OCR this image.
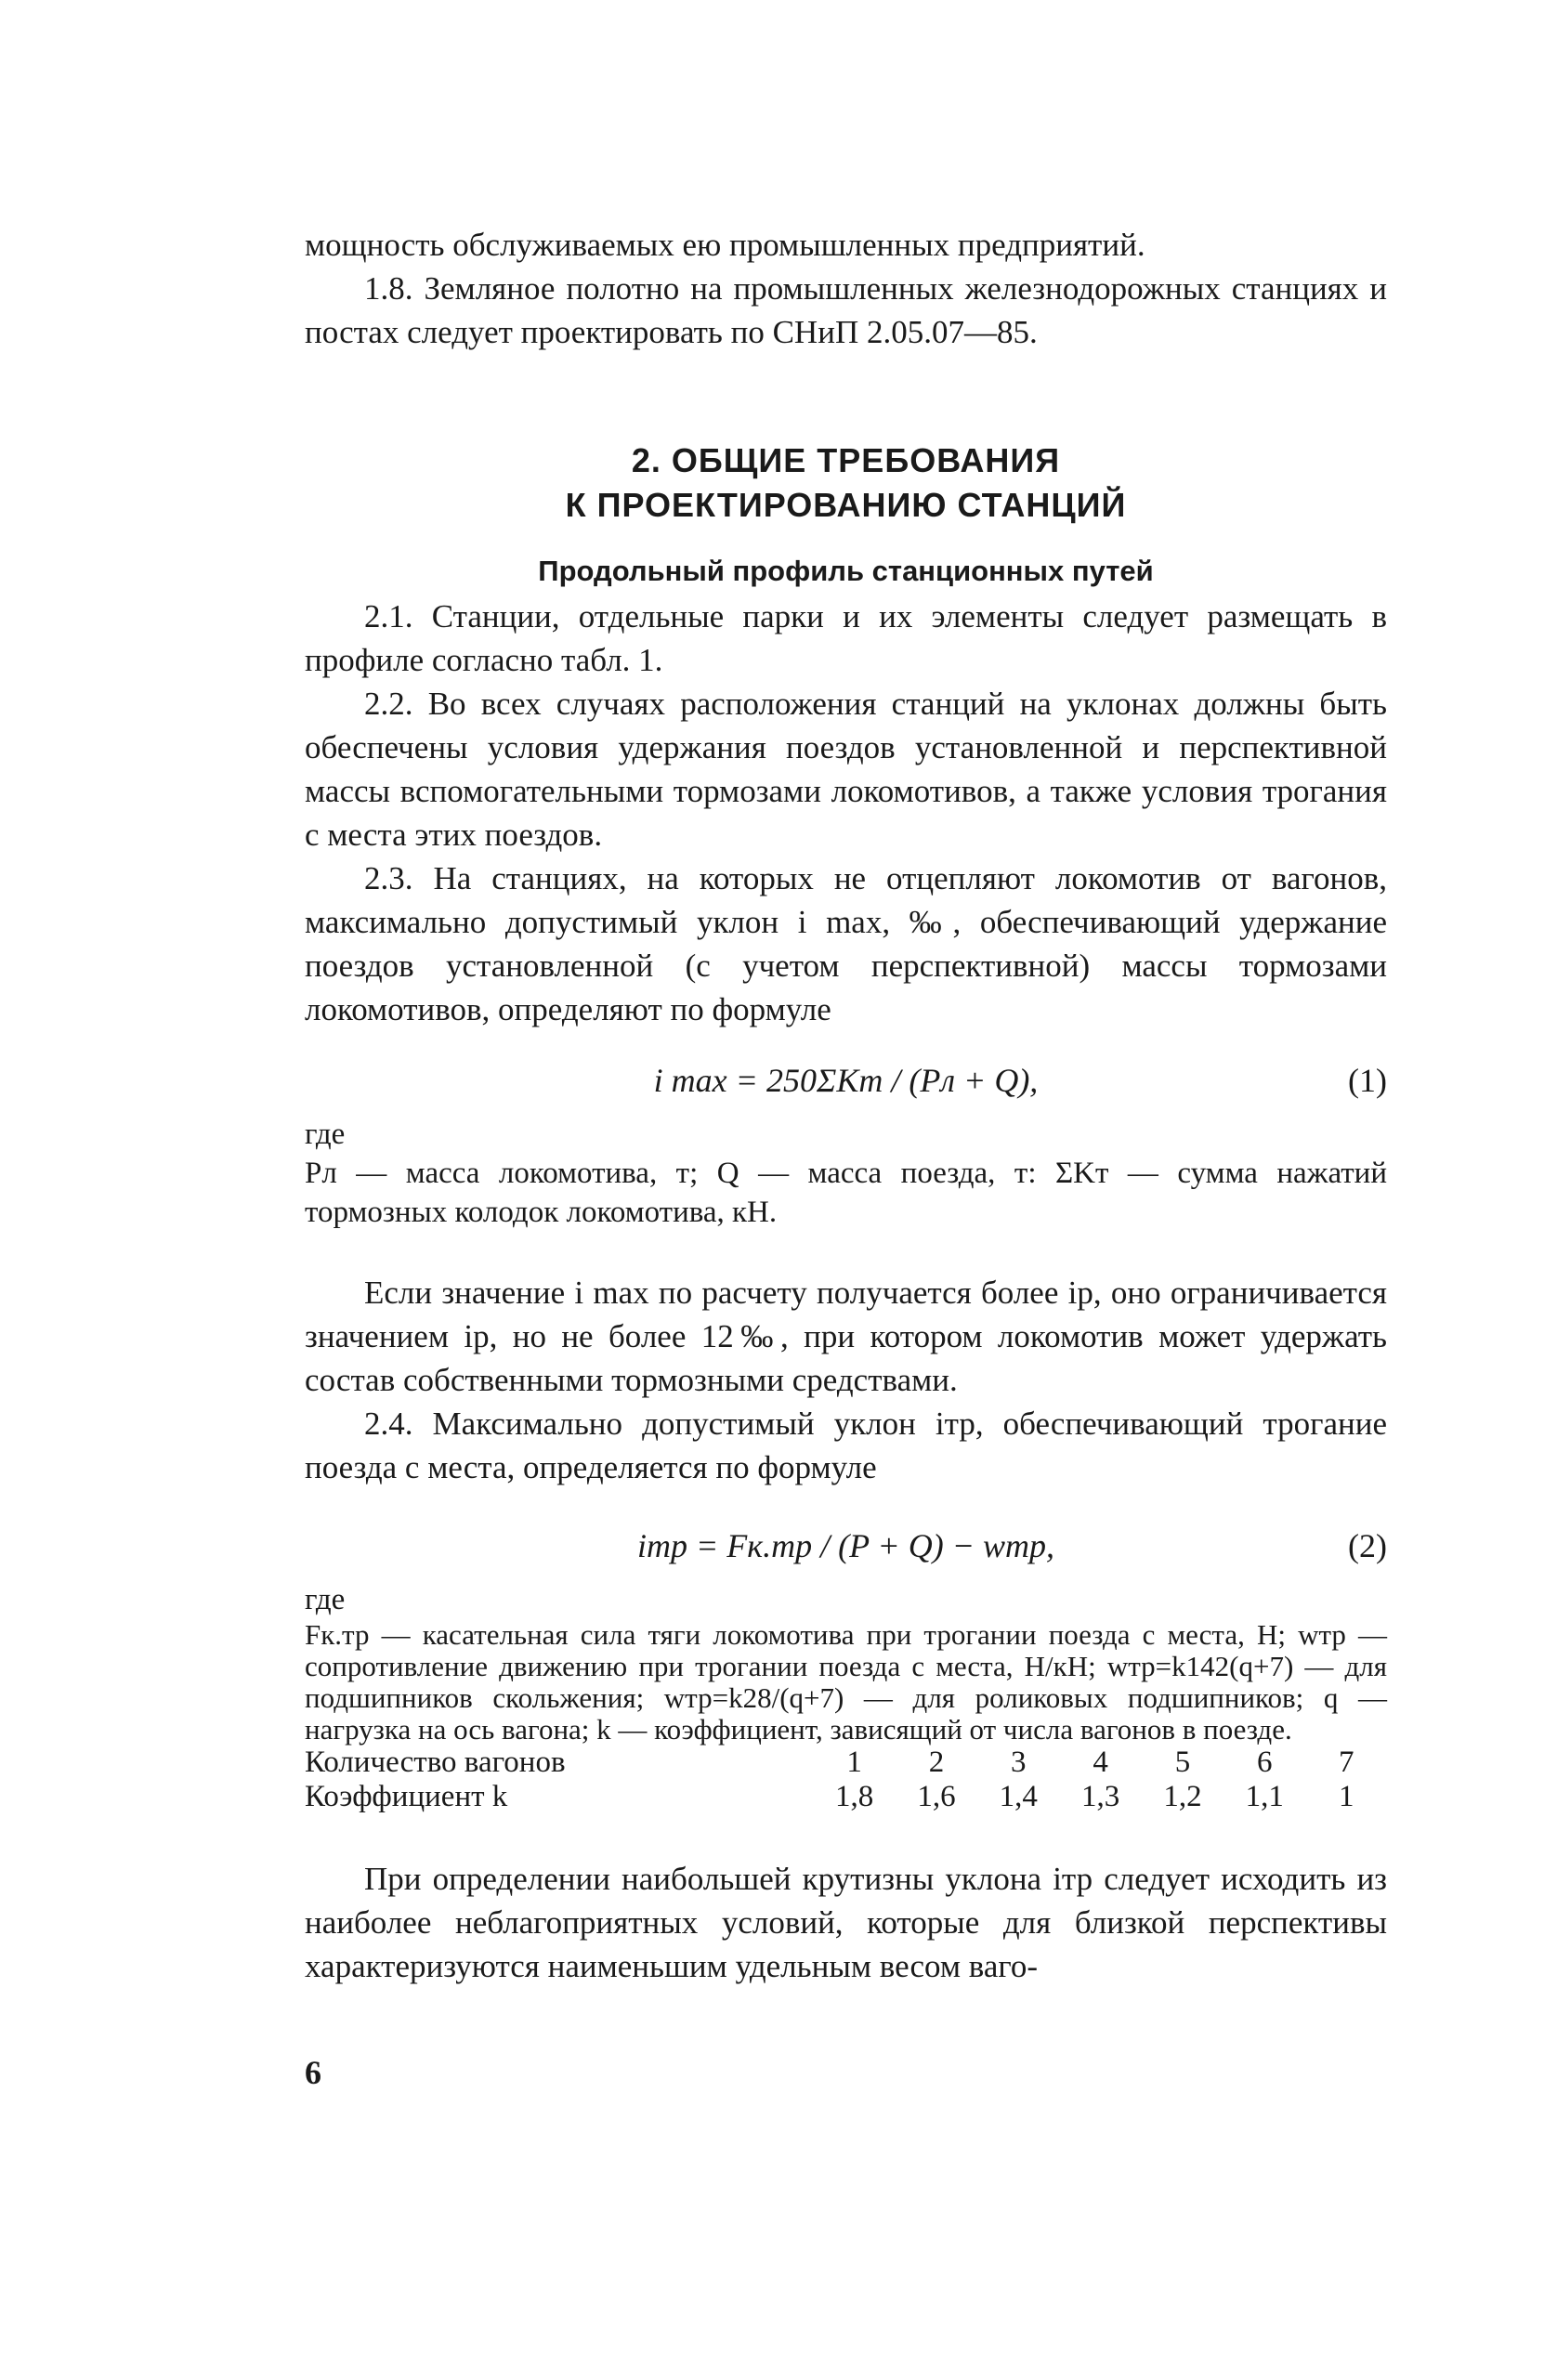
мощность обслуживаемых ею промышленных предприятий.

1.8. Земляное полотно на промышленных железнодорожных станциях и постах следует проектировать по СНиП 2.05.07—85.

2. ОБЩИЕ ТРЕБОВАНИЯ
К ПРОЕКТИРОВАНИЮ СТАНЦИЙ
Продольный профиль станционных путей

2.1. Станции, отдельные парки и их элементы следует размещать в профиле согласно табл. 1.

2.2. Во всех случаях расположения станций на уклонах должны быть обеспечены условия удержания поездов установленной и перспективной массы вспомогательными тормозами локомотивов, а также условия трогания с места этих поездов.

2.3. На станциях, на которых не отцепляют локомотив от вагонов, максимально допустимый уклон i max, ‰, обеспечивающий удержание поездов установленной (с учетом перспективной) массы тормозами локомотивов, определяют по формуле

i max = 250ΣKт / (Pл + Q),	(1)

где

Pл — масса локомотива, т; Q — масса поезда, т: ΣKт — сумма нажатий тормозных колодок локомотива, кН.

Если значение i max по расчету получается более iр, оно ограничивается значением iр, но не более 12‰, при котором локомотив может удержать состав собственными тормозными средствами.

2.4. Максимально допустимый уклон iтр, обеспечивающий трогание поезда с места, определяется по формуле

iтр = Fк.тр / (P + Q) − wтр,	(2)

где

Fк.тр — касательная сила тяги локомотива при трогании поезда с места, Н; wтр — сопротивление движению при трогании поезда с места, Н/кН; wтр=k142(q+7) — для подшипников скольжения; wтр=k28/(q+7) — для роликовых подшипников; q — нагрузка на ось вагона; k — коэффициент, зависящий от числа вагонов в поезде.

Количество вагонов	1	2	3	4	5	6	7
Коэффициент k	1,8	1,6	1,4	1,3	1,2	1,1	1

При определении наибольшей крутизны уклона iтр следует исходить из наиболее неблагоприятных условий, которые для близкой перспективы характеризуются наименьшим удельным весом ваго-

6
